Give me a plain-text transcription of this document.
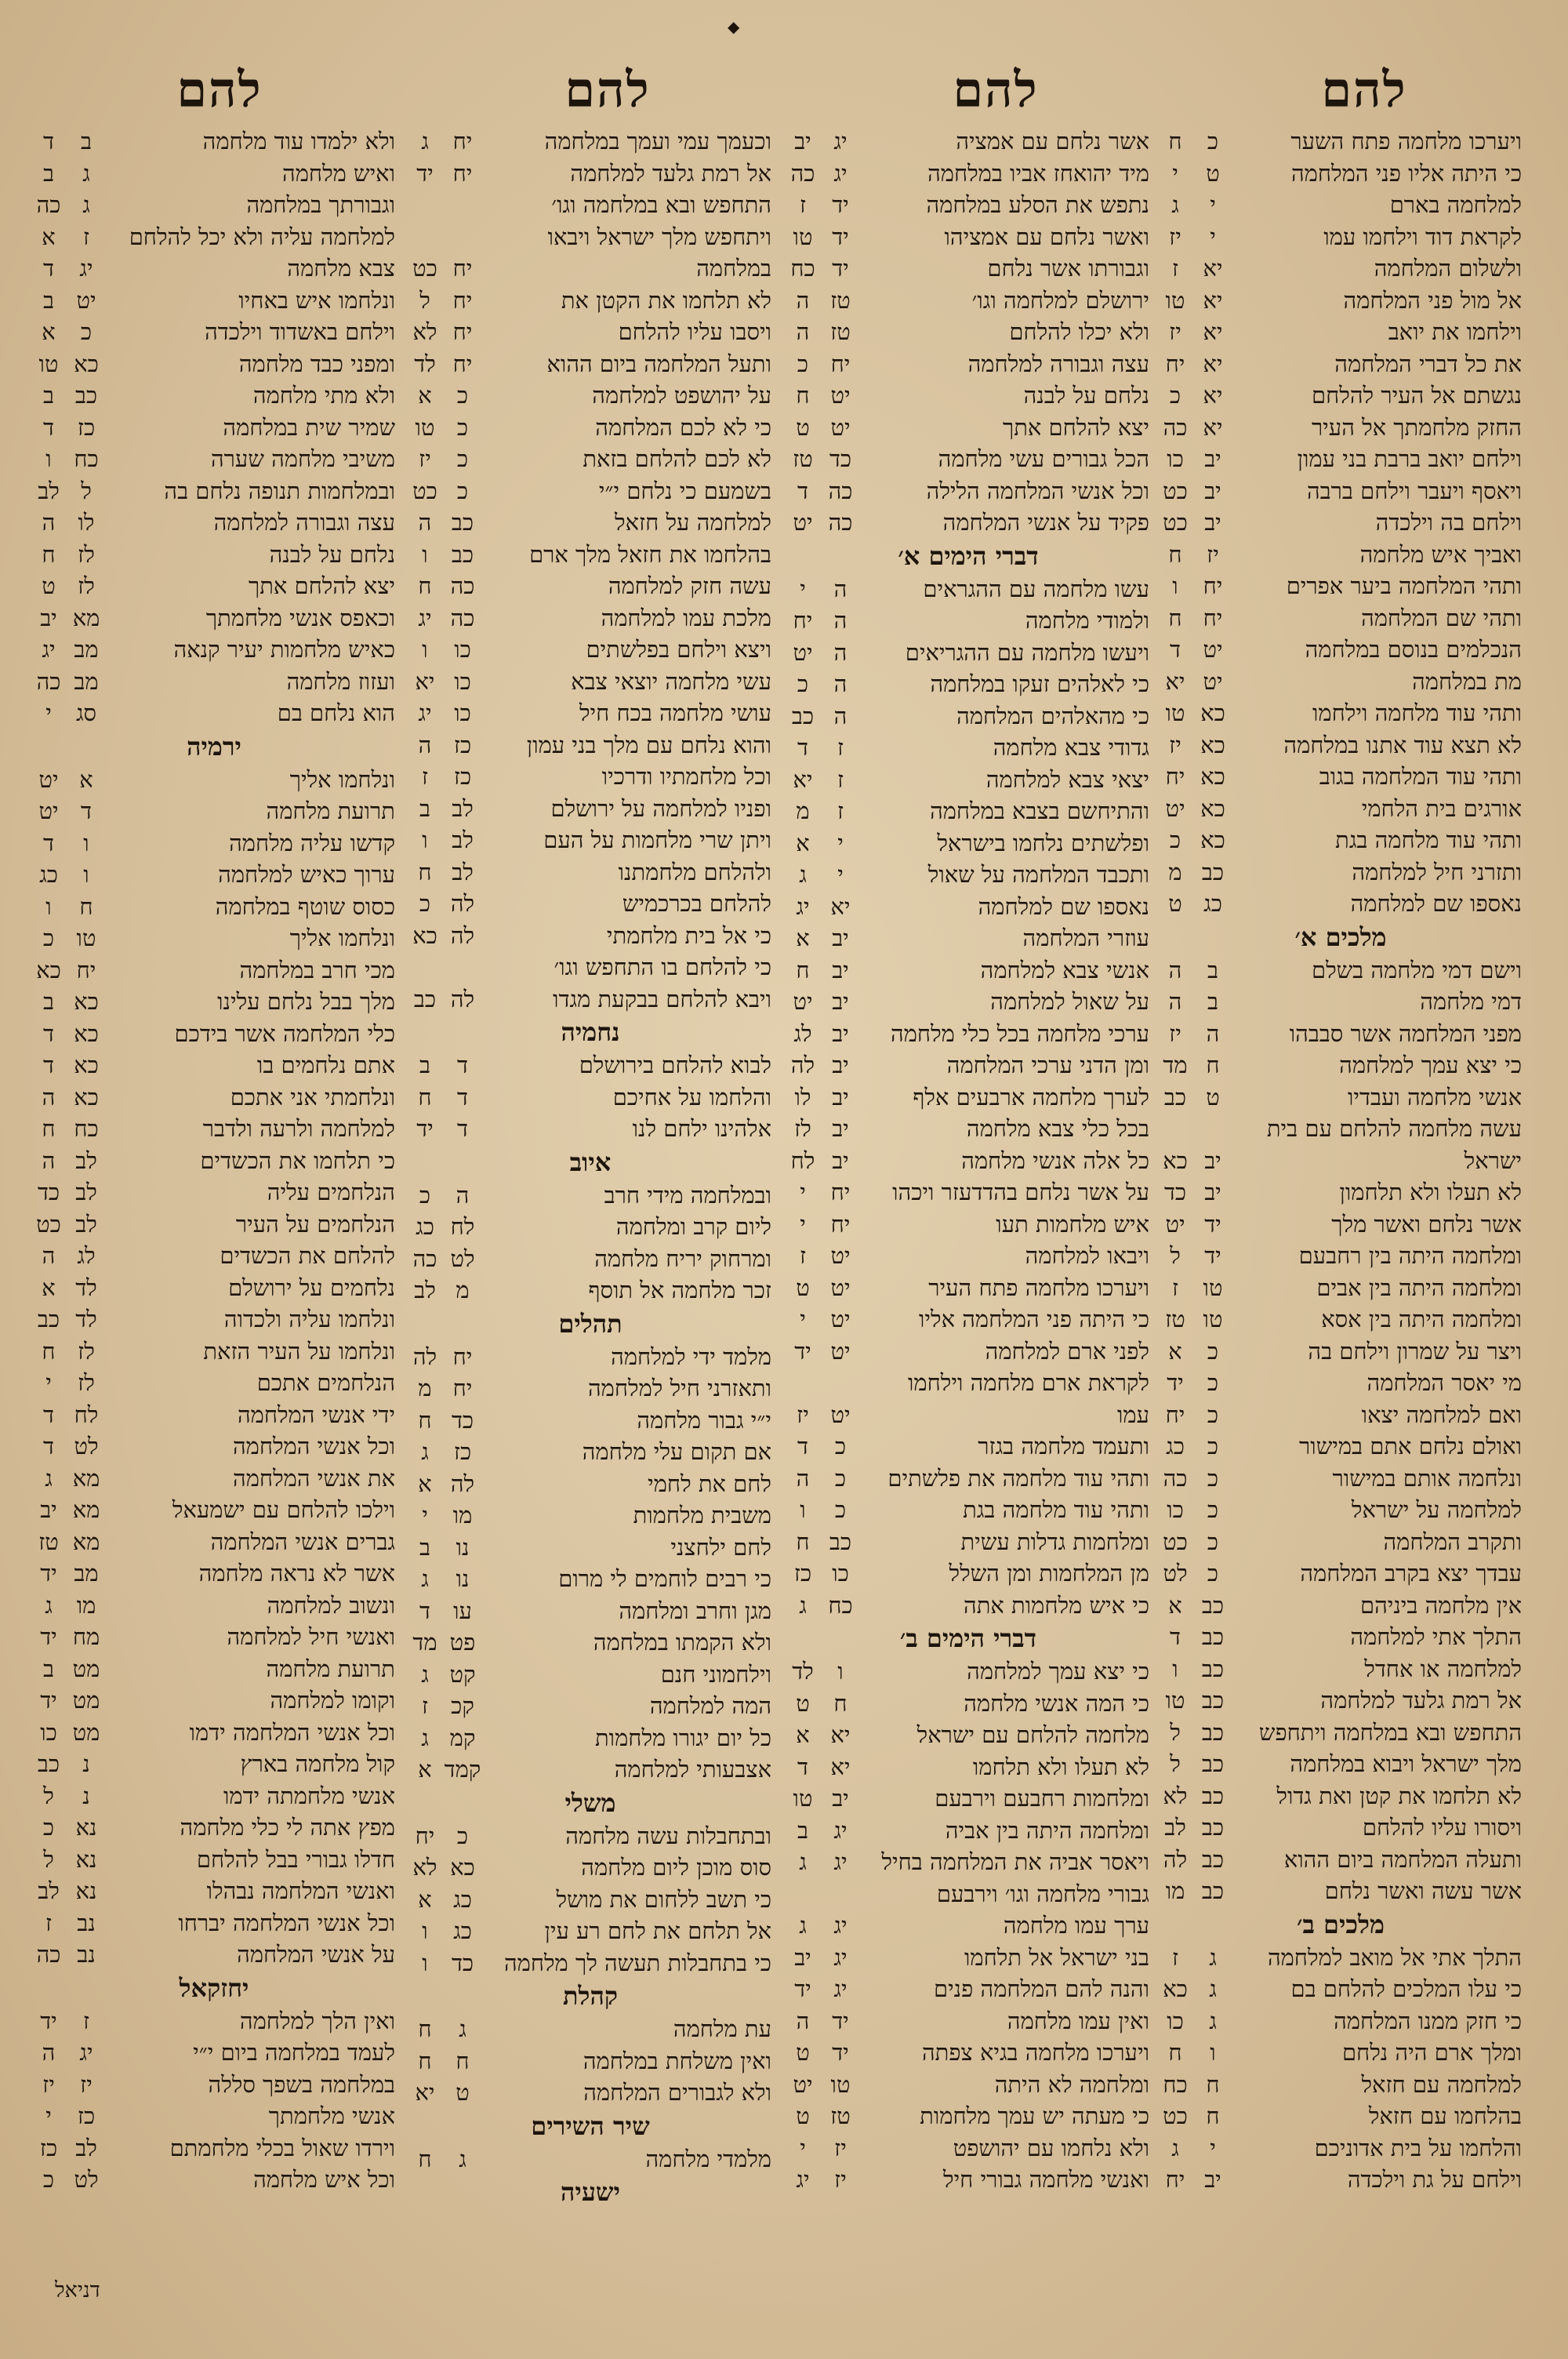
◆
להם
להם
להם
להם
ויערכו מלחמה פתח השער
כ
ח
כי היתה אליו פני המלחמה
ט
י
למלחמה בארם
י
ג
לקראת דוד וילחמו עמו
י
יז
ולשלום המלחמה
יא
ז
אל מול פני המלחמה
יא
טו
וילחמו את יואב
יא
יז
את כל דברי המלחמה
יא
יח
נגשתם אל העיר להלחם
יא
כ
החזק מלחמתך אל העיר
יא
כה
וילחם יואב ברבת בני עמון
יב
כו
ויאסף ויעבר וילחם ברבה
יב
כט
וילחם בה וילכדה
יב
כט
ואביך איש מלחמה
יז
ח
ותהי המלחמה ביער אפרים
יח
ו
ותהי שם המלחמה
יח
ח
הנכלמים בנוסם במלחמה
יט
ד
מת במלחמה
יט
יא
ותהי עוד מלחמה וילחמו
כא
טו
לא תצא עוד אתנו במלחמה
כא
יז
ותהי עוד המלחמה בגוב
כא
יח
אורגים בית הלחמי
כא
יט
ותהי עוד מלחמה בגת
כא
כ
ותזרני חיל למלחמה
כב
מ
נאספו שם למלחמה
כג
ט
מלכים א׳
וישם דמי מלחמה בשלם
ב
ה
דמי מלחמה
ב
ה
מפני המלחמה אשר סבבהו
ה
יז
כי יצא עמך למלחמה
ח
מד
אנשי מלחמה ועבדיו
ט
כב
עשה מלחמה להלחם עם בית
ישראל
יב
כא
לא תעלו ולא תלחמון
יב
כד
אשר נלחם ואשר מלך
יד
יט
ומלחמה היתה בין רחבעם
יד
ל
ומלחמה היתה בין אבים
טו
ז
ומלחמה היתה בין אסא
טו
טז
ויצר על שמרון וילחם בה
כ
א
מי יאסר המלחמה
כ
יד
ואם למלחמה יצאו
כ
יח
ואולם נלחם אתם במישור
כ
כג
ונלחמה אותם במישור
כ
כה
למלחמה על ישראל
כ
כו
ותקרב המלחמה
כ
כט
עבדך יצא בקרב המלחמה
כ
לט
אין מלחמה ביניהם
כב
א
התלך אתי למלחמה
כב
ד
למלחמה או אחדל
כב
ו
אל רמת גלעד למלחמה
כב
טו
התחפש ובא במלחמה ויתחפש
כב
ל
מלך ישראל ויבוא במלחמה
כב
ל
לא תלחמו את קטן ואת גדול
כב
לא
ויסורו עליו להלחם
כב
לב
ותעלה המלחמה ביום ההוא
כב
לה
אשר עשה ואשר נלחם
כב
מו
מלכים ב׳
התלך אתי אל מואב למלחמה
ג
ז
כי עלו המלכים להלחם בם
ג
כא
כי חזק ממנו המלחמה
ג
כו
ומלך ארם היה נלחם
ו
ח
למלחמה עם חזאל
ח
כח
בהלחמו עם חזאל
ח
כט
והלחמו על בית אדוניכם
י
ג
וילחם על גת וילכדה
יב
יח
אשר נלחם עם אמציה
יג
יב
מיד יהואחז אביו במלחמה
יג
כה
נתפש את הסלע במלחמה
יד
ז
ואשר נלחם עם אמציהו
יד
טו
וגבורתו אשר נלחם
יד
כח
ירושלם למלחמה וגו׳
טז
ה
ולא יכלו להלחם
טז
ה
עצה וגבורה למלחמה
יח
כ
נלחם על לבנה
יט
ח
יצא להלחם אתך
יט
ט
הכל גבורים עשי מלחמה
כד
טז
וכל אנשי המלחמה הלילה
כה
ד
פקיד על אנשי המלחמה
כה
יט
דברי הימים א׳
עשו מלחמה עם ההגראים
ה
י
ולמודי מלחמה
ה
יח
ויעשו מלחמה עם ההגריאים
ה
יט
כי לאלהים זעקו במלחמה
ה
כ
כי מהאלהים המלחמה
ה
כב
גדודי צבא מלחמה
ז
ד
יצאי צבא למלחמה
ז
יא
והתיחשם בצבא במלחמה
ז
מ
ופלשתים נלחמו בישראל
י
א
ותכבד המלחמה על שאול
י
ג
נאספו שם למלחמה
יא
יג
עוזרי המלחמה
יב
א
אנשי צבא למלחמה
יב
ח
על שאול למלחמה
יב
יט
ערכי מלחמה בכל כלי מלחמה
יב
לג
ומן הדני ערכי המלחמה
יב
לה
לערך מלחמה ארבעים אלף
יב
לו
בכל כלי צבא מלחמה
יב
לז
כל אלה אנשי מלחמה
יב
לח
על אשר נלחם בהדדעזר ויכהו
יח
י
איש מלחמות תעו
יח
י
ויבאו למלחמה
יט
ז
ויערכו מלחמה פתח העיר
יט
ט
כי היתה פני המלחמה אליו
יט
י
לפני ארם למלחמה
יט
יד
לקראת ארם מלחמה וילחמו
עמו
יט
יז
ותעמד מלחמה בגזר
כ
ד
ותהי עוד מלחמה את פלשתים
כ
ה
ותהי עוד מלחמה בגת
כ
ו
ומלחמות גדלות עשית
כב
ח
מן המלחמות ומן השלל
כו
כז
כי איש מלחמות אתה
כח
ג
דברי הימים ב׳
כי יצא עמך למלחמה
ו
לד
כי המה אנשי מלחמה
ח
ט
מלחמה להלחם עם ישראל
יא
א
לא תעלו ולא תלחמו
יא
ד
ומלחמות רחבעם וירבעם
יב
טו
ומלחמה היתה בין אביה
יג
ב
ויאסר אביה את המלחמה בחיל
יג
ג
גבורי מלחמה וגו׳ וירבעם
ערך עמו מלחמה
יג
ג
בני ישראל אל תלחמו
יג
יב
והנה להם המלחמה פנים
יג
יד
ואין עמו מלחמה
יד
ה
ויערכו מלחמה בגיא צפתה
יד
ט
ומלחמה לא היתה
טו
יט
כי מעתה יש עמך מלחמות
טז
ט
ולא נלחמו עם יהושפט
יז
י
ואנשי מלחמה גבורי חיל
יז
יג
וכעמך עמי ועמך במלחמה
יח
ג
אל רמת גלעד למלחמה
יח
יד
התחפש ובא במלחמה וגו׳
ויתחפש מלך ישראל ויבאו
במלחמה
יח
כט
לא תלחמו את הקטן את
יח
ל
ויסבו עליו להלחם
יח
לא
ותעל המלחמה ביום ההוא
יח
לד
על יהושפט למלחמה
כ
א
כי לא לכם המלחמה
כ
טו
לא לכם להלחם בזאת
כ
יז
בשמעם כי נלחם י״י
כ
כט
למלחמה על חזאל
כב
ה
בהלחמו את חזאל מלך ארם
כב
ו
עשה חזק למלחמה
כה
ח
מלכת עמו למלחמה
כה
יג
ויצא וילחם בפלשתים
כו
ו
עשי מלחמה יוצאי צבא
כו
יא
עושי מלחמה בכח חיל
כו
יג
והוא נלחם עם מלך בני עמון
כז
ה
וכל מלחמתיו ודרכיו
כז
ז
ופניו למלחמה על ירושלם
לב
ב
ויתן שרי מלחמות על העם
לב
ו
ולהלחם מלחמתנו
לב
ח
להלחם בכרכמיש
לה
כ
כי אל בית מלחמתי
לה
כא
כי להלחם בו התחפש וגו׳
ויבא להלחם בבקעת מגדו
לה
כב
נחמיה
לבוא להלחם בירושלם
ד
ב
והלחמו על אחיכם
ד
ח
אלהינו ילחם לנו
ד
יד
איוב
ובמלחמה מידי חרב
ה
כ
ליום קרב ומלחמה
לח
כג
ומרחוק יריח מלחמה
לט
כה
זכר מלחמה אל תוסף
מ
לב
תהלים
מלמד ידי למלחמה
יח
לה
ותאזרני חיל למלחמה
יח
מ
י״י גבור מלחמה
כד
ח
אם תקום עלי מלחמה
כז
ג
לחם את לחמי
לה
א
משבית מלחמות
מו
י
לחם ילחצני
נו
ב
כי רבים לוחמים לי מרום
נו
ג
מגן וחרב ומלחמה
עו
ד
ולא הקמתו במלחמה
פט
מד
וילחמוני חנם
קט
ג
המה למלחמה
קכ
ז
כל יום יגורו מלחמות
קמ
ג
אצבעותי למלחמה
קמד
א
משלי
ובתחבלות עשה מלחמה
כ
יח
סוס מוכן ליום מלחמה
כא
לא
כי תשב ללחום את מושל
כג
א
אל תלחם את לחם רע עין
כג
ו
כי בתחבלות תעשה לך מלחמה
כד
ו
קהלת
עת מלחמה
ג
ח
ואין משלחת במלחמה
ח
ח
ולא לגבורים המלחמה
ט
יא
שיר השירים
מלמדי מלחמה
ג
ח
ישעיה
ולא ילמדו עוד מלחמה
ב
ד
ואיש מלחמה
ג
ב
וגבורתך במלחמה
ג
כה
למלחמה עליה ולא יכל להלחם
ז
א
צבא מלחמה
יג
ד
ונלחמו איש באחיו
יט
ב
וילחם באשדוד וילכדה
כ
א
ומפני כבד מלחמה
כא
טו
ולא מתי מלחמה
כב
ב
שמיר שית במלחמה
כז
ד
משיבי מלחמה שערה
כח
ו
ובמלחמות תנופה נלחם בה
ל
לב
עצה וגבורה למלחמה
לו
ה
נלחם על לבנה
לז
ח
יצא להלחם אתך
לז
ט
וכאפס אנשי מלחמתך
מא
יב
כאיש מלחמות יעיר קנאה
מב
יג
ועזוז מלחמה
מב
כה
הוא נלחם בם
סג
י
ירמיה
ונלחמו אליך
א
יט
תרועת מלחמה
ד
יט
קדשו עליה מלחמה
ו
ד
ערוך כאיש למלחמה
ו
כג
כסוס שוטף במלחמה
ח
ו
ונלחמו אליך
טו
כ
מכי חרב במלחמה
יח
כא
מלך בבל נלחם עלינו
כא
ב
כלי המלחמה אשר בידכם
כא
ד
אתם נלחמים בו
כא
ד
ונלחמתי אני אתכם
כא
ה
למלחמה ולרעה ולדבר
כח
ח
כי תלחמו את הכשדים
לב
ה
הנלחמים עליה
לב
כד
הנלחמים על העיר
לב
כט
להלחם את הכשדים
לג
ה
נלחמים על ירושלם
לד
א
ונלחמו עליה ולכדוה
לד
כב
ונלחמו על העיר הזאת
לז
ח
הנלחמים אתכם
לז
י
ידי אנשי המלחמה
לח
ד
וכל אנשי המלחמה
לט
ד
את אנשי המלחמה
מא
ג
וילכו להלחם עם ישמעאל
מא
יב
גברים אנשי המלחמה
מא
טז
אשר לא נראה מלחמה
מב
יד
ונשוב למלחמה
מו
ג
ואנשי חיל למלחמה
מח
יד
תרועת מלחמה
מט
ב
וקומו למלחמה
מט
יד
וכל אנשי המלחמה ידמו
מט
כו
קול מלחמה בארץ
נ
כב
אנשי מלחמתה ידמו
נ
ל
מפץ אתה לי כלי מלחמה
נא
כ
חדלו גבורי בבל להלחם
נא
ל
ואנשי המלחמה נבהלו
נא
לב
וכל אנשי המלחמה יברחו
נב
ז
על אנשי המלחמה
נב
כה
יחזקאל
ואין הלך למלחמה
ז
יד
לעמד במלחמה ביום י״י
יג
ה
במלחמה בשפך סללה
יז
יז
אנשי מלחמתך
כז
י
וירדו שאול בכלי מלחמתם
לב
כז
וכל איש מלחמה
לט
כ
דניאל
